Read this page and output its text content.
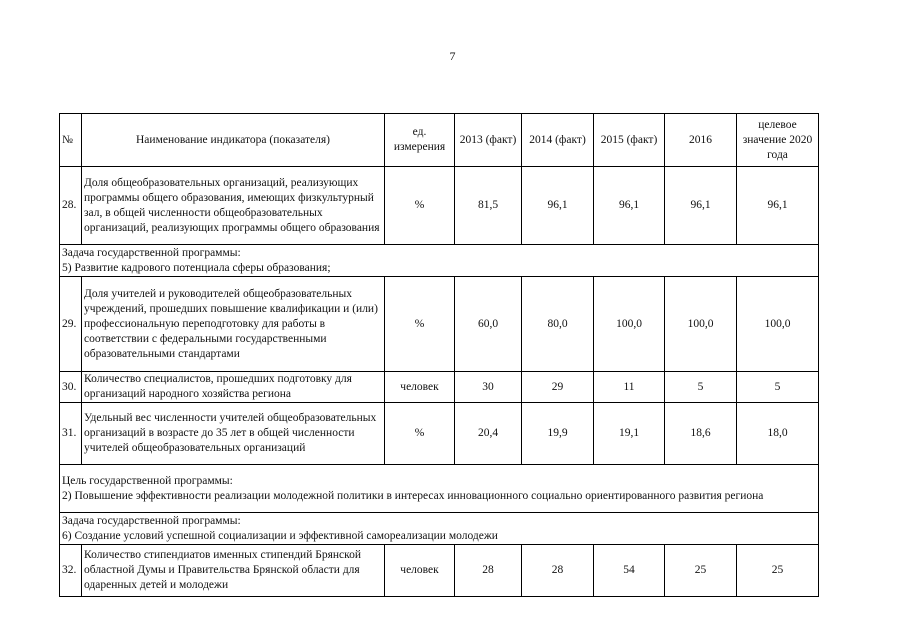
7
№	Наименование индикатора (показателя)	ед. измерения	2013 (факт)	2014 (факт)	2015 (факт)	2016	целевое значение 2020 года
28.	Доля общеобразовательных организаций, реализующих программы общего образования, имеющих физкультурный зал, в общей численности общеобразовательных организаций, реализующих программы общего образования	%	81,5	96,1	96,1	96,1	96,1
Задача государственной программы:
5) Развитие кадрового потенциала сферы образования;							
29.	Доля учителей и руководителей общеобразовательных учреждений, прошедших повышение квалификации и (или) профессиональную переподготовку для работы в соответствии с федеральными государственными образовательными стандартами	%	60,0	80,0	100,0	100,0	100,0
30.	Количество специалистов, прошедших подготовку для организаций народного хозяйства региона	человек	30	29	11	5	5
31.	Удельный вес численности учителей общеобразовательных организаций в возрасте до 35 лет в общей численности учителей общеобразовательных организаций	%	20,4	19,9	19,1	18,6	18,0
Цель государственной программы:
2) Повышение эффективности реализации молодежной политики в интересах инновационного социально ориентированного развития региона							
Задача государственной программы:
6) Создание условий успешной социализации и эффективной самореализации молодежи							
32.	Количество стипендиатов именных стипендий Брянской областной Думы и Правительства Брянской области для одаренных детей и молодежи	человек	28	28	54	25	25
